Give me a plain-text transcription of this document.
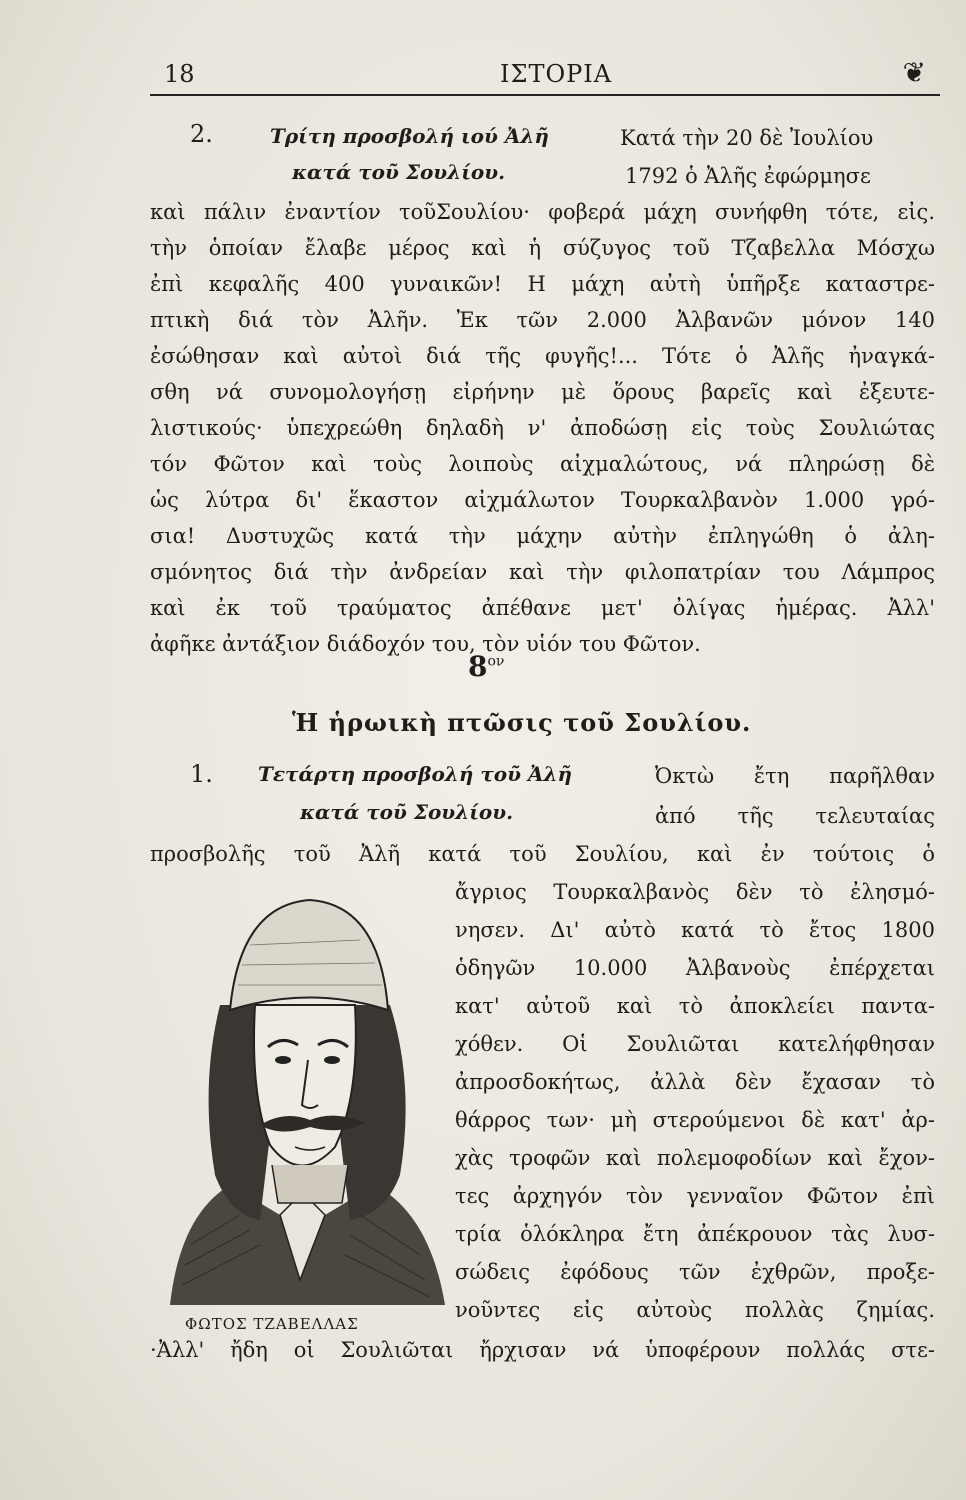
18	ΙΣΤΟΡΙΑ	❦
2.	Τρίτη προσβολή ιού Ἀλῆ
κατά τοῦ Σουλίου.
Κατά τὴν 20 δὲ Ἰουλίου
1792 ὁ Ἀλῆς ἐφώρμησε
καὶ πάλιν ἐναντίον τοῦΣουλίου· φοβερά μάχη συνήφθη τότε, εἰς.
τὴν ὁποίαν ἔλαβε μέρος καὶ ἡ σύζυγος τοῦ Τζαβελλα Μόσχω
ἐπὶ κεφαλῆς 400 γυναικῶν! Η μάχη αὐτὴ ὑπῆρξε καταστρε-
πτικὴ διά τὸν Ἀλῆν. Ἐκ τῶν 2.000 Ἀλβανῶν μόνον 140
ἐσώθησαν καὶ αὐτοὶ διά τῆς φυγῆς!... Τότε ὁ Ἀλῆς ἠναγκά-
σθη νά συνομολογήσῃ εἰρήνην μὲ ὅρους βαρεῖς καὶ ἐξευτε-
λιστικούς· ὑπεχρεώθη δηλαδὴ ν' ἀποδώσῃ εἰς τοὺς Σουλιώτας
τόν Φῶτον καὶ τοὺς λοιποὺς αἰχμαλώτους, νά πληρώσῃ δὲ
ὡς λύτρα δι' ἕκαστον αἰχμάλωτον Τουρκαλβανὸν 1.000 γρό-
σια! Δυστυχῶς κατά τὴν μάχην αὐτὴν ἐπληγώθη ὁ ἀλη-
σμόνητος διά τὴν ἀνδρείαν καὶ τὴν φιλοπατρίαν του Λάμπρος
καὶ ἐκ τοῦ τραύματος ἀπέθανε μετ' ὀλίγας ἡμέρας. Ἀλλ'
ἀφῆκε ἀντάξιον διάδοχόν του, τὸν υἱόν του Φῶτον.
$8^{o\nu}$
Ἡ ἡρωικὴ πτῶσις τοῦ Σουλίου.
1. Τετάρτη προσβολή τοῦ Ἀλῆ
κατά τοῦ Σουλίου.
Ὀκτὼ ἔτη παρῆλθαν
ἀπό τῆς τελευταίας
προσβολῆς τοῦ Ἀλῆ κατά τοῦ Σουλίου, καὶ ἐν τούτοις ὁ
ἄγριος Τουρκαλβανὸς δὲν τὸ ἐλησμό-
νησεν. Δι' αὐτὸ κατά τὸ ἔτος 1800
ὁδηγῶν 10.000 Ἀλβανοὺς ἐπέρχεται
κατ' αὐτοῦ καὶ τὸ ἀποκλείει παντα-
χόθεν. Οἱ Σουλιῶται κατελήφθησαν
ἀπροσδοκήτως, ἀλλὰ δὲν ἔχασαν τὸ
θάρρος των· μὴ στερούμενοι δὲ κατ' ἀρ-
χὰς τροφῶν καὶ πολεμοφοδίων καὶ ἔχον-
τες ἀρχηγόν τὸν γενναῖον Φῶτον ἐπὶ
τρία ὁλόκληρα ἔτη ἀπέκρουον τὰς λυσ-
σώδεις ἐφόδους τῶν ἐχθρῶν, προξε-
νοῦντες εἰς αὐτοὺς πολλὰς ζημίας.
·Ἀλλ' ἤδη οἱ Σουλιῶται ἤρχισαν νά ὑποφέρουν πολλάς στε-
ΦΩΤΟΣ ΤΖΑΒΕΛΛΑΣ
